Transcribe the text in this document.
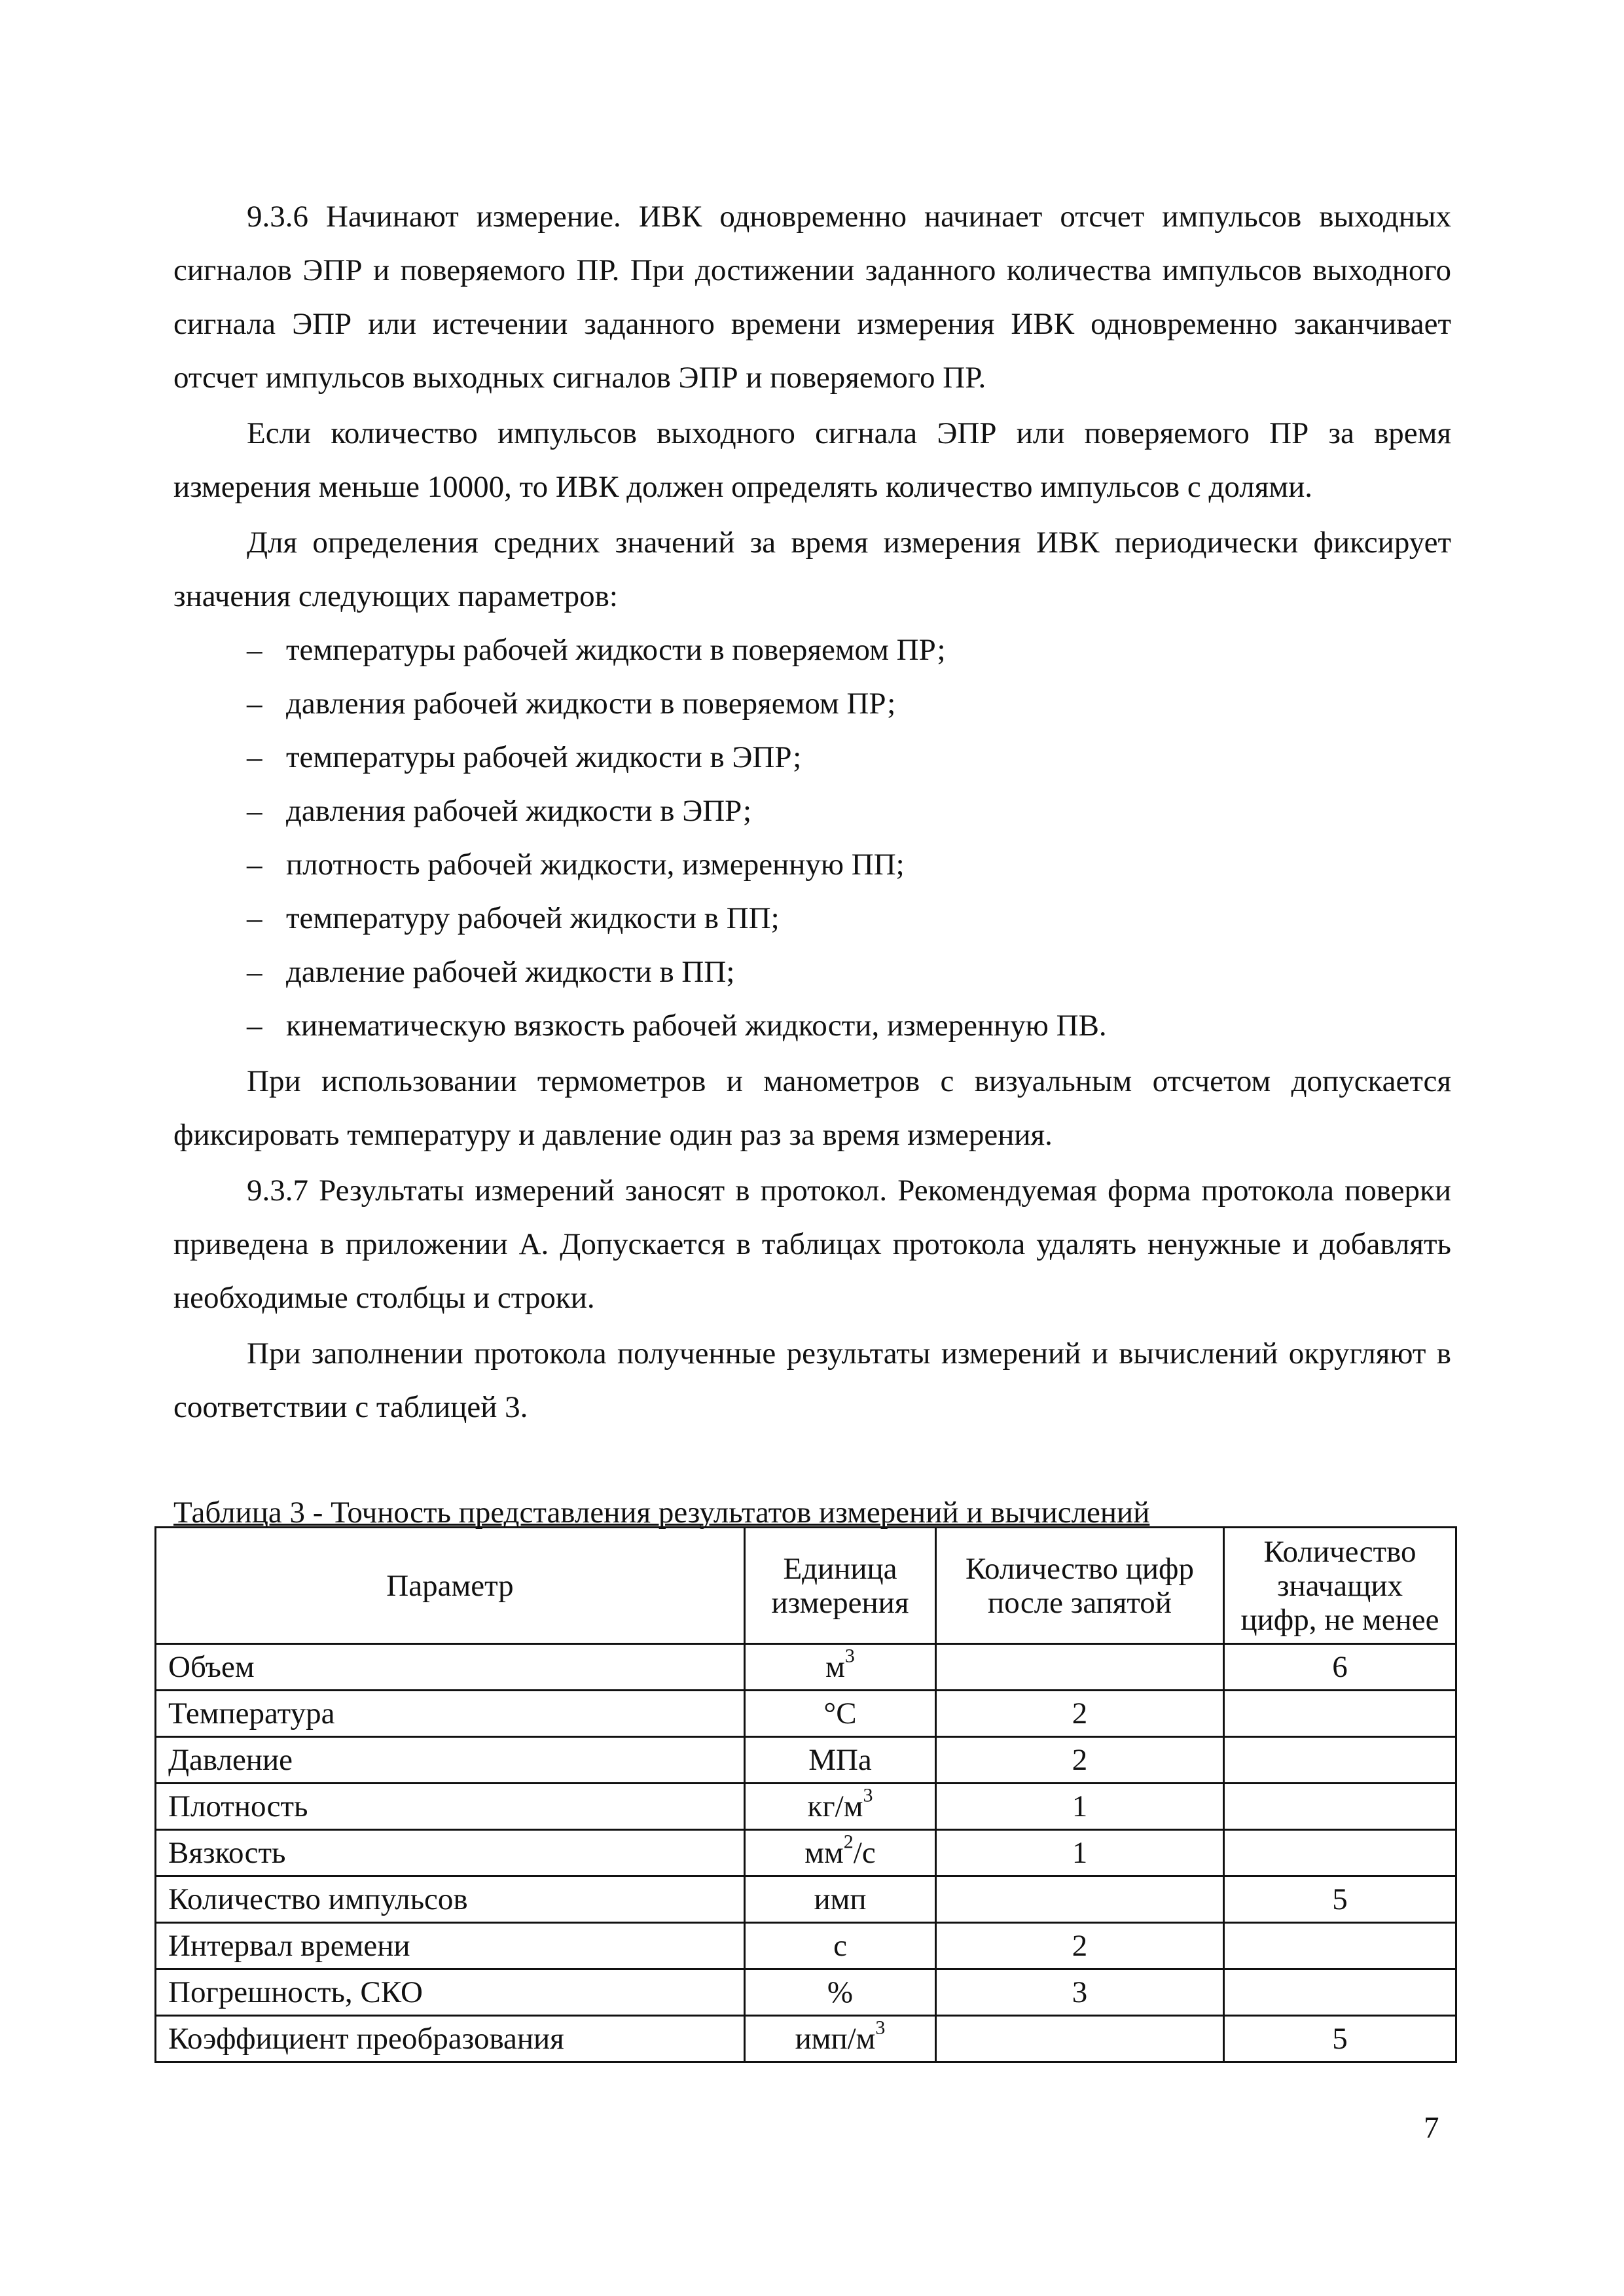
9.3.6 Начинают измерение. ИВК одновременно начинает отсчет импульсов выходных сигналов ЭПР и поверяемого ПР. При достижении заданного количества импульсов выходного сигнала ЭПР или истечении заданного времени измерения ИВК одновременно заканчивает отсчет импульсов выходных сигналов ЭПР и поверяемого ПР.

Если количество импульсов выходного сигнала ЭПР или поверяемого ПР за время измерения меньше 10000, то ИВК должен определять количество импульсов с долями.

Для определения средних значений за время измерения ИВК периодически фиксирует значения следующих параметров:

– температуры рабочей жидкости в поверяемом ПР;

– давления рабочей жидкости в поверяемом ПР;

– температуры рабочей жидкости в ЭПР;

– давления рабочей жидкости в ЭПР;

– плотность рабочей жидкости, измеренную ПП;

– температуру рабочей жидкости в ПП;

– давление рабочей жидкости в ПП;

– кинематическую вязкость рабочей жидкости, измеренную ПВ.

При использовании термометров и манометров с визуальным отсчетом допускается фиксировать температуру и давление один раз за время измерения.

9.3.7 Результаты измерений заносят в протокол. Рекомендуемая форма протокола поверки приведена в приложении А. Допускается в таблицах протокола удалять ненужные и добавлять необходимые столбцы и строки.

При заполнении протокола полученные результаты измерений и вычислений округляют в соответствии с таблицей 3.

Таблица 3 - Точность представления результатов измерений и вычислений
Параметр	Единица измерения	Количество цифр после запятой	Количество значащих цифр, не менее
Объем	$м^3$		6
Температура	°С	2	
Давление	МПа	2	
Плотность	$кг/м^3$	1	
Вязкость	$мм^2/с$	1	
Количество импульсов	имп		5
Интервал времени	с	2	
Погрешность, СКО	%	3	
Коэффициент преобразования	имп/$м^3$		5
7
